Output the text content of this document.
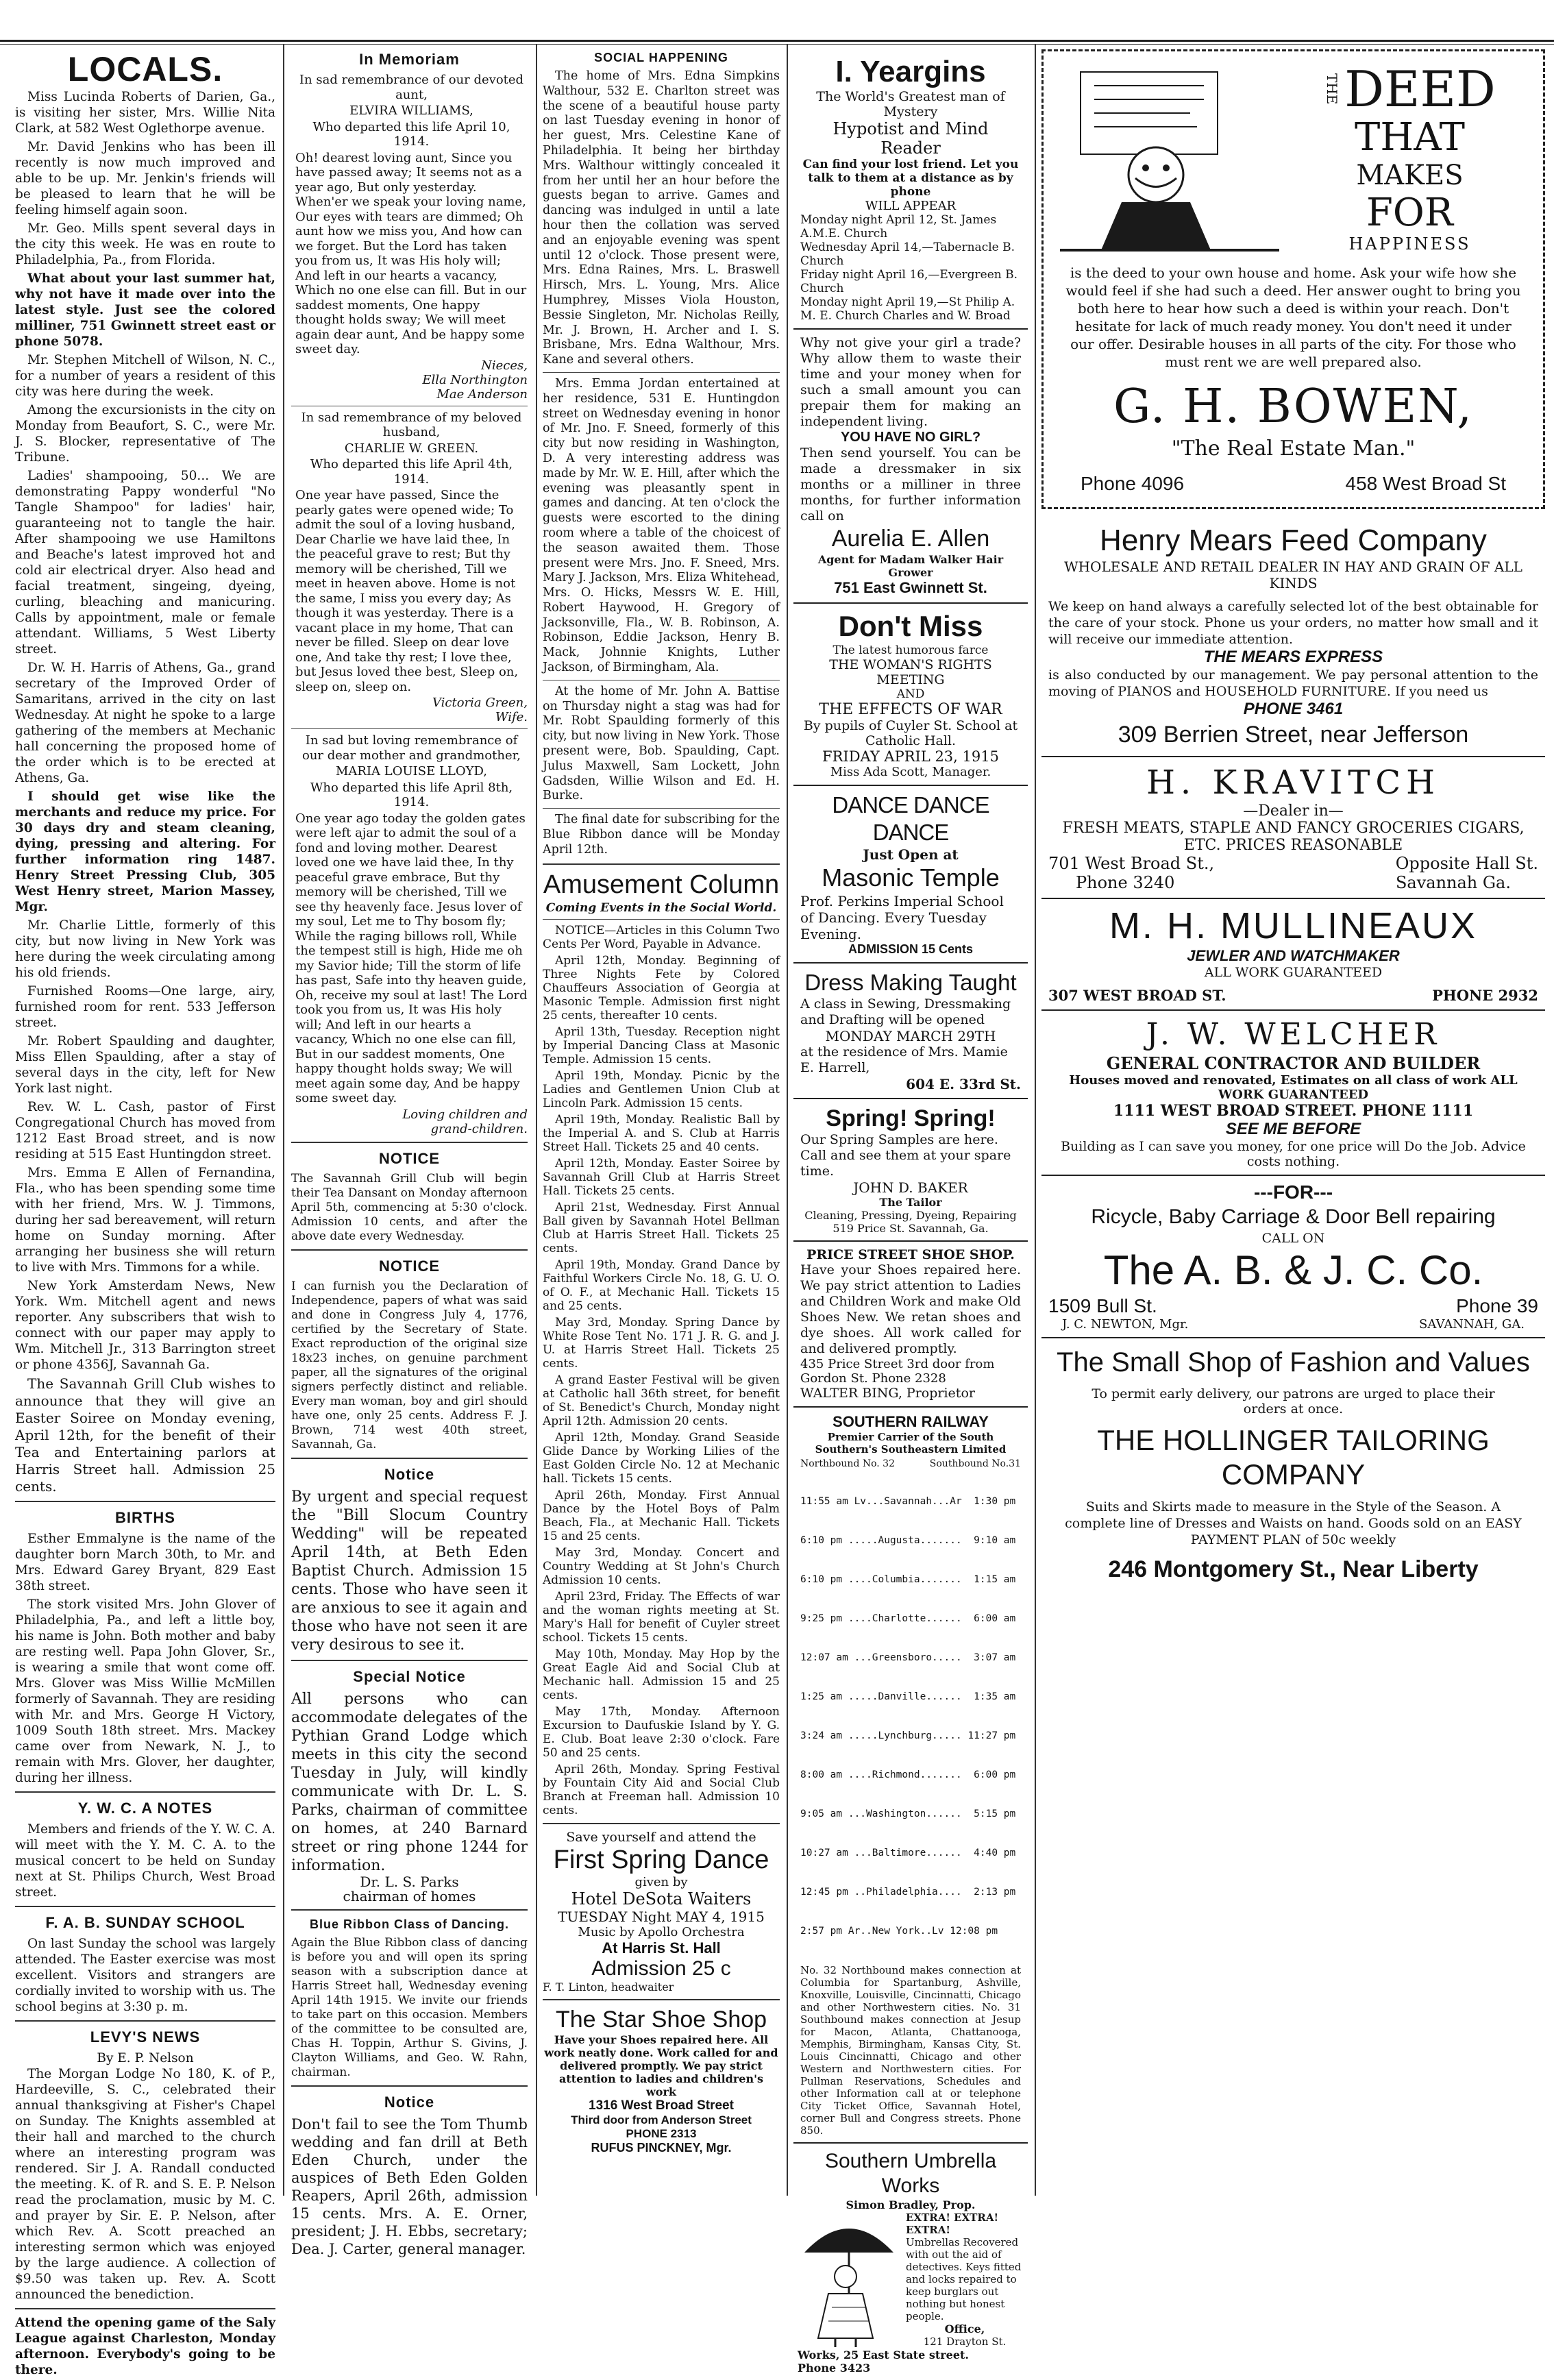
LOCALS.

Miss Lucinda Roberts of Darien, Ga., is visiting her sister, Mrs. Willie Nita Clark, at 582 West Oglethorpe avenue.

Mr. David Jenkins who has been ill recently is now much improved and able to be up. Mr. Jenkin's friends will be pleased to learn that he will be feeling himself again soon.

Mr. Geo. Mills spent several days in the city this week. He was en route to Philadelphia, Pa., from Florida.

What about your last summer hat, why not have it made over into the latest style. Just see the colored milliner, 751 Gwinnett street east or phone 5078.

Mr. Stephen Mitchell of Wilson, N. C., for a number of years a resident of this city was here during the week.

Among the excursionists in the city on Monday from Beaufort, S. C., were Mr. J. S. Blocker, representative of The Tribune.

Ladies' shampooing, 50... We are demonstrating Pappy wonderful "No Tangle Shampoo" for ladies' hair, guaranteeing not to tangle the hair. After shampooing we use Hamiltons and Beache's latest improved hot and cold air electrical dryer. Also head and facial treatment, singeing, dyeing, curling, bleaching and manicuring. Calls by appointment, male or female attendant. Williams, 5 West Liberty street.

Dr. W. H. Harris of Athens, Ga., grand secretary of the Improved Order of Samaritans, arrived in the city on last Wednesday. At night he spoke to a large gathering of the members at Mechanic hall concerning the proposed home of the order which is to be erected at Athens, Ga.

I should get wise like the merchants and reduce my price. For 30 days dry and steam cleaning, dying, pressing and altering. For further information ring 1487. Henry Street Pressing Club, 305 West Henry street, Marion Massey, Mgr.

Mr. Charlie Little, formerly of this city, but now living in New York was here during the week circulating among his old friends.

Furnished Rooms—One large, airy, furnished room for rent. 533 Jefferson street.

Mr. Robert Spaulding and daughter, Miss Ellen Spaulding, after a stay of several days in the city, left for New York last night.

Rev. W. L. Cash, pastor of First Congregational Church has moved from 1212 East Broad street, and is now residing at 515 East Huntingdon street.

Mrs. Emma E Allen of Fernandina, Fla., who has been spending some time with her friend, Mrs. W. J. Timmons, during her sad bereavement, will return home on Sunday morning. After arranging her business she will return to live with Mrs. Timmons for a while.

New York Amsterdam News, New York. Wm. Mitchell agent and news reporter. Any subscribers that wish to connect with our paper may apply to Wm. Mitchell Jr., 313 Barrington street or phone 4356J, Savannah Ga.

The Savannah Grill Club wishes to announce that they will give an Easter Soiree on Monday evening, April 12th, for the benefit of their Tea and Entertaining parlors at Harris Street hall. Admission 25 cents.

BIRTHS

Esther Emmalyne is the name of the daughter born March 30th, to Mr. and Mrs. Edward Garey Bryant, 829 East 38th street.

The stork visited Mrs. John Glover of Philadelphia, Pa., and left a little boy, his name is John. Both mother and baby are resting well. Papa John Glover, Sr., is wearing a smile that wont come off. Mrs. Glover was Miss Willie McMillen formerly of Savannah. They are residing with Mr. and Mrs. George H Victory, 1009 South 18th street. Mrs. Mackey came over from Newark, N. J., to remain with Mrs. Glover, her daughter, during her illness.

Y. W. C. A NOTES

Members and friends of the Y. W. C. A. will meet with the Y. M. C. A. to the musical concert to be held on Sunday next at St. Philips Church, West Broad street.

F. A. B. SUNDAY SCHOOL

On last Sunday the school was largely attended. The Easter exercise was most excellent. Visitors and strangers are cordially invited to worship with us. The school begins at 3:30 p. m.

LEVY'S NEWS
By E. P. Nelson

The Morgan Lodge No 180, K. of P., Hardeeville, S. C., celebrated their annual thanksgiving at Fisher's Chapel on Sunday. The Knights assembled at their hall and marched to the church where an interesting program was rendered. Sir J. A. Randall conducted the meeting. K. of R. and S. E. P. Nelson read the proclamation, music by M. C. and prayer by Sir. E. P. Nelson, after which Rev. A. Scott preached an interesting sermon which was enjoyed by the large audience. A collection of $9.50 was taken up. Rev. A. Scott announced the benediction.

Attend the opening game of the Saly League against Charleston, Monday afternoon. Everybody's going to be there.
In Memoriam

In sad remembrance of our devoted aunt,

ELVIRA WILLIAMS,

Who departed this life April 10, 1914.

Oh! dearest loving aunt, Since you have passed away; It seems not as a year ago, But only yesterday. When'er we speak your loving name, Our eyes with tears are dimmed; Oh aunt how we miss you, And how can we forget. But the Lord has taken you from us, It was His holy will; And left in our hearts a vacancy, Which no one else can fill. But in our saddest moments, One happy thought holds sway; We will meet again dear aunt, And be happy some sweet day.

Nieces,
Ella Northington
Mae Anderson

In sad remembrance of my beloved husband,

CHARLIE W. GREEN.

Who departed this life April 4th, 1914.

One year have passed, Since the pearly gates were opened wide; To admit the soul of a loving husband, Dear Charlie we have laid thee, In the peaceful grave to rest; But thy memory will be cherished, Till we meet in heaven above. Home is not the same, I miss you every day; As though it was yesterday. There is a vacant place in my home, That can never be filled. Sleep on dear love one, And take thy rest; I love thee, but Jesus loved thee best, Sleep on, sleep on, sleep on.

Victoria Green,
Wife.

In sad but loving remembrance of our dear mother and grandmother,

MARIA LOUISE LLOYD,

Who departed this life April 8th, 1914.

One year ago today the golden gates were left ajar to admit the soul of a fond and loving mother. Dearest loved one we have laid thee, In thy peaceful grave embrace, But thy memory will be cherished, Till we see thy heavenly face. Jesus lover of my soul, Let me to Thy bosom fly; While the raging billows roll, While the tempest still is high, Hide me oh my Savior hide; Till the storm of life has past, Safe into thy heaven guide, Oh, receive my soul at last! The Lord took you from us, It was His holy will; And left in our hearts a vacancy, Which no one else can fill, But in our saddest moments, One happy thought holds sway; We will meet again some day, And be happy some sweet day.

Loving children and
grand-children.
NOTICE
The Savannah Grill Club will begin their Tea Dansant on Monday afternoon April 5th, commencing at 5:30 o'clock. Admission 10 cents, and after the above date every Wednesday.
NOTICE
I can furnish you the Declaration of Independence, papers of what was said and done in Congress July 4, 1776, certified by the Secretary of State. Exact reproduction of the original size 18x23 inches, on genuine parchment paper, all the signatures of the original signers perfectly distinct and reliable. Every man woman, boy and girl should have one, only 25 cents. Address F. J. Brown, 714 west 40th street, Savannah, Ga.
Notice
By urgent and special request the "Bill Slocum Country Wedding" will be repeated April 14th, at Beth Eden Baptist Church. Admission 15 cents. Those who have seen it are anxious to see it again and those who have not seen it are very desirous to see it.
Special Notice
All persons who can accommodate delegates of the Pythian Grand Lodge which meets in this city the second Tuesday in July, will kindly communicate with Dr. L. S. Parks, chairman of committee on homes, at 240 Barnard street or ring phone 1244 for information.
Dr. L. S. Parks
chairman of homes
Blue Ribbon Class of Dancing.
Again the Blue Ribbon class of dancing is before you and will open its spring season with a subscription dance at Harris Street hall, Wednesday evening April 14th 1915. We invite our friends to take part on this occasion. Members of the committee to be consulted are, Chas H. Toppin, Arthur S. Givins, J. Clayton Williams, and Geo. W. Rahn, chairman.
Notice
Don't fail to see the Tom Thumb wedding and fan drill at Beth Eden Church, under the auspices of Beth Eden Golden Reapers, April 26th, admission 15 cents. Mrs. A. E. Orner, president; J. H. Ebbs, secretary; Dea. J. Carter, general manager.
SOCIAL HAPPENING

The home of Mrs. Edna Simpkins Walthour, 532 E. Charlton street was the scene of a beautiful house party on last Tuesday evening in honor of her guest, Mrs. Celestine Kane of Philadelphia. It being her birthday Mrs. Walthour wittingly concealed it from her until her an hour before the guests began to arrive. Games and dancing was indulged in until a late hour then the collation was served and an enjoyable evening was spent until 12 o'clock. Those present were, Mrs. Edna Raines, Mrs. L. Braswell Hirsch, Mrs. L. Young, Mrs. Alice Humphrey, Misses Viola Houston, Bessie Singleton, Mr. Nicholas Reilly, Mr. J. Brown, H. Archer and I. S. Brisbane, Mrs. Edna Walthour, Mrs. Kane and several others.

Mrs. Emma Jordan entertained at her residence, 531 E. Huntingdon street on Wednesday evening in honor of Mr. Jno. F. Sneed, formerly of this city but now residing in Washington, D. A very interesting address was made by Mr. W. E. Hill, after which the evening was pleasantly spent in games and dancing. At ten o'clock the guests were escorted to the dining room where a table of the choicest of the season awaited them. Those present were Mrs. Jno. F. Sneed, Mrs. Mary J. Jackson, Mrs. Eliza Whitehead, Mrs. O. Hicks, Messrs W. E. Hill, Robert Haywood, H. Gregory of Jacksonville, Fla., W. B. Robinson, A. Robinson, Eddie Jackson, Henry B. Mack, Johnnie Knights, Luther Jackson, of Birmingham, Ala.

At the home of Mr. John A. Battise on Thursday night a stag was had for Mr. Robt Spaulding formerly of this city, but now living in New York. Those present were, Bob. Spaulding, Capt. Julus Maxwell, Sam Lockett, John Gadsden, Willie Wilson and Ed. H. Burke.

The final date for subscribing for the Blue Ribbon dance will be Monday April 12th.

Amusement Column
Coming Events in the Social World.

NOTICE—Articles in this Column Two Cents Per Word, Payable in Advance.

April 12th, Monday. Beginning of Three Nights Fete by Colored Chauffeurs Association of Georgia at Masonic Temple. Admission first night 25 cents, thereafter 10 cents.

April 13th, Tuesday. Reception night by Imperial Dancing Class at Masonic Temple. Admission 15 cents.

April 19th, Monday. Picnic by the Ladies and Gentlemen Union Club at Lincoln Park. Admission 15 cents.

April 19th, Monday. Realistic Ball by the Imperial A. and S. Club at Harris Street Hall. Tickets 25 and 40 cents.

April 12th, Monday. Easter Soiree by Savannah Grill Club at Harris Street Hall. Tickets 25 cents.

April 21st, Wednesday. First Annual Ball given by Savannah Hotel Bellman Club at Harris Street Hall. Tickets 25 cents.

April 19th, Monday. Grand Dance by Faithful Workers Circle No. 18, G. U. O. of O. F., at Mechanic Hall. Tickets 15 and 25 cents.

May 3rd, Monday. Spring Dance by White Rose Tent No. 171 J. R. G. and J. U. at Harris Street Hall. Tickets 25 cents.

A grand Easter Festival will be given at Catholic hall 36th street, for benefit of St. Benedict's Church, Monday night April 12th. Admission 20 cents.

April 12th, Monday. Grand Seaside Glide Dance by Working Lilies of the East Golden Circle No. 12 at Mechanic hall. Tickets 15 cents.

April 26th, Monday. First Annual Dance by the Hotel Boys of Palm Beach, Fla., at Mechanic Hall. Tickets 15 and 25 cents.

May 3rd, Monday. Concert and Country Wedding at St John's Church Admission 10 cents.

April 23rd, Friday. The Effects of war and the woman rights meeting at St. Mary's Hall for benefit of Cuyler street school. Tickets 15 cents.

May 10th, Monday. May Hop by the Great Eagle Aid and Social Club at Mechanic hall. Admission 15 and 25 cents.

May 17th, Monday. Afternoon Excursion to Daufuskie Island by Y. G. E. Club. Boat leave 2:30 o'clock. Fare 50 and 25 cents.

April 26th, Monday. Spring Festival by Fountain City Aid and Social Club Branch at Freeman hall. Admission 10 cents.

Save yourself and attend the
First Spring Dance
given by
Hotel DeSota Waiters
TUESDAY Night MAY 4, 1915
Music by Apollo Orchestra
At Harris St. Hall
Admission 25 c
F. T. Linton, headwaiter
The Star Shoe Shop
Have your Shoes repaired here. All work neatly done. Work called for and delivered promptly. We pay strict attention to ladies and children's work
1316 West Broad Street
Third door from Anderson Street
PHONE 2313
RUFUS PINCKNEY, Mgr.
I. Yeargins
The World's Greatest man of Mystery
Hypotist and Mind Reader
Can find your lost friend. Let you talk to them at a distance as by phone
WILL APPEAR
Monday night April 12, St. James A.M.E. Church
Wednesday April 14,—Tabernacle B. Church
Friday night April 16,—Evergreen B. Church
Monday night April 19,—St Philip A. M. E. Church Charles and W. Broad
Why not give your girl a trade? Why allow them to waste their time and your money when for such a small amount you can prepair them for making an independent living.
YOU HAVE NO GIRL?
Then send yourself. You can be made a dressmaker in six months or a milliner in three months, for further information call on
Aurelia E. Allen
Agent for Madam Walker Hair Grower
751 East Gwinnett St.
Don't Miss
The latest humorous farce
THE WOMAN'S RIGHTS MEETING
AND
THE EFFECTS OF WAR
By pupils of Cuyler St. School at Catholic Hall.
FRIDAY APRIL 23, 1915
Miss Ada Scott, Manager.
DANCE DANCE DANCE
Just Open at
Masonic Temple
Prof. Perkins Imperial School of Dancing. Every Tuesday Evening.
ADMISSION 15 Cents
Dress Making Taught
A class in Sewing, Dressmaking and Drafting will be opened
MONDAY MARCH 29TH
at the residence of Mrs. Mamie E. Harrell,
604 E. 33rd St.
Spring! Spring!
Our Spring Samples are here. Call and see them at your spare time.
JOHN D. BAKER
The Tailor
Cleaning, Pressing, Dyeing, Repairing
519 Price St. Savannah, Ga.
PRICE STREET SHOE SHOP.
Have your Shoes repaired here. We pay strict attention to Ladies and Children Work and make Old Shoes New. We retan shoes and dye shoes. All work called for and delivered promptly.
435 Price Street 3rd door from Gordon St. Phone 2328
WALTER BING, Proprietor
SOUTHERN RAILWAY
Premier Carrier of the South
Southern's Southeastern Limited
Northbound No. 32	Southbound No.31

11:55 am Lv...Savannah...Ar  1:30 pm

6:10 pm .....Augusta.......  9:10 am

6:10 pm ....Columbia.......  1:15 am

9:25 pm ....Charlotte......  6:00 am

12:07 am ...Greensboro.....  3:07 am

1:25 am .....Danville......  1:35 am

3:24 am .....Lynchburg..... 11:27 pm

8:00 am ....Richmond.......  6:00 pm

9:05 am ...Washington......  5:15 pm

10:27 am ...Baltimore......  4:40 pm

12:45 pm ..Philadelphia....  2:13 pm

2:57 pm Ar..New York..Lv 12:08 pm

No. 32 Northbound makes connection at Columbia for Spartanburg, Ashville, Knoxville, Louisville, Cincinnatti, Chicago and other Northwestern cities. No. 31 Southbound makes connection at Jesup for Macon, Atlanta, Chattanooga, Memphis, Birmingham, Kansas City, St. Louis Cincinnatti, Chicago and other Western and Northwestern cities. For Pullman Reservations, Schedules and other Information call at or telephone City Ticket Office, Savannah Hotel, corner Bull and Congress streets. Phone 850.
Southern Umbrella Works
Simon Bradley, Prop.
EXTRA! EXTRA! EXTRA!
Umbrellas Recovered with out the aid of detectives. Keys fitted and locks repaired to keep burglars out nothing but honest people.
Office,
121 Drayton St.
Works, 25 East State street.
Phone 3423
THE DEED
THAT
MAKES
FOR
HAPPINESS
is the deed to your own house and home. Ask your wife how she would feel if she had such a deed. Her answer ought to bring you both here to hear how such a deed is within your reach. Don't hesitate for lack of much ready money. You don't need it under our offer. Desirable houses in all parts of the city. For those who must rent we are well prepared also.
G. H. BOWEN,
"The Real Estate Man."
Phone 4096	458 West Broad St
Henry Mears Feed Company
WHOLESALE AND RETAIL DEALER IN HAY AND GRAIN OF ALL KINDS
We keep on hand always a carefully selected lot of the best obtainable for the care of your stock. Phone us your orders, no matter how small and it will receive our immediate attention.
THE MEARS EXPRESS
is also conducted by our management. We pay personal attention to the moving of PIANOS and HOUSEHOLD FURNITURE. If you need us
PHONE 3461
309 Berrien Street, near Jefferson
H. KRAVITCH
—Dealer in—
FRESH MEATS, STAPLE AND FANCY GROCERIES CIGARS, ETC. PRICES REASONABLE
701 West Broad St.,	Opposite Hall St.
Phone 3240	Savannah Ga.
M. H. MULLINEAUX
JEWLER AND WATCHMAKER
ALL WORK GUARANTEED
307 WEST BROAD ST.	PHONE 2932
J. W. WELCHER
GENERAL CONTRACTOR AND BUILDER
Houses moved and renovated, Estimates on all class of work ALL WORK GUARANTEED
1111 WEST BROAD STREET. PHONE 1111
SEE ME BEFORE
Building as I can save you money, for one price will Do the Job. Advice costs nothing.
---FOR---
Ricycle, Baby Carriage & Door Bell repairing
CALL ON
The A. B. & J. C. Co.
1509 Bull St.	Phone 39
J. C. NEWTON, Mgr.	SAVANNAH, GA.
The Small Shop of Fashion and Values
To permit early delivery, our patrons are urged to place their orders at once.
THE HOLLINGER TAILORING COMPANY
Suits and Skirts made to measure in the Style of the Season. A complete line of Dresses and Waists on hand. Goods sold on an EASY PAYMENT PLAN of 50c weekly
246 Montgomery St., Near Liberty
